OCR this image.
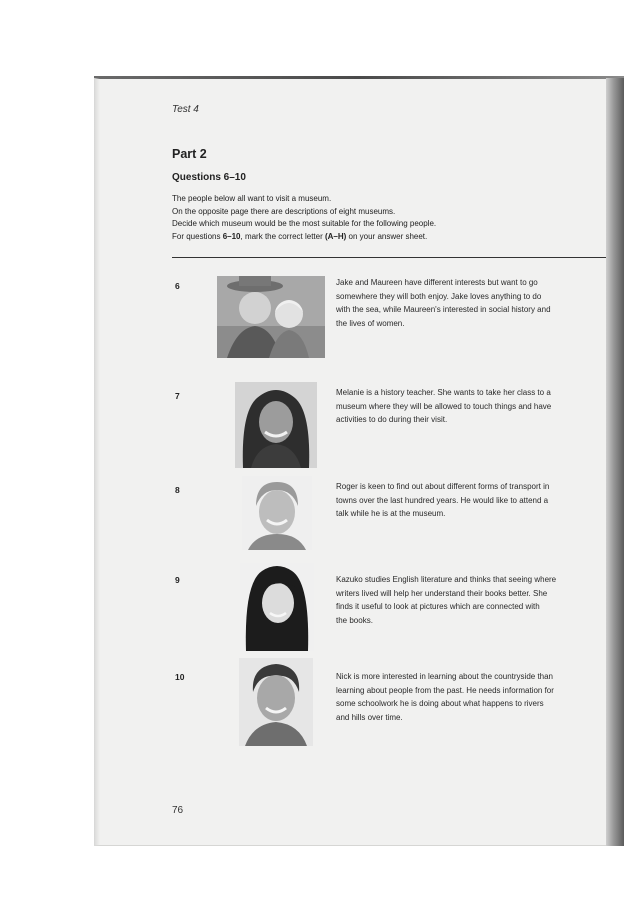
Test 4
Part 2
Questions 6–10
The people below all want to visit a museum.
On the opposite page there are descriptions of eight museums.
Decide which museum would be the most suitable for the following people.
For questions 6–10, mark the correct letter (A–H) on your answer sheet.
6	Jake and Maureen have different interests but want to go
somewhere they will both enjoy. Jake loves anything to do
with the sea, while Maureen's interested in social history and
the lives of women.
7	Melanie is a history teacher. She wants to take her class to a
museum where they will be allowed to touch things and have
activities to do during their visit.
8	Roger is keen to find out about different forms of transport in
towns over the last hundred years. He would like to attend a
talk while he is at the museum.
9	Kazuko studies English literature and thinks that seeing where
writers lived will help her understand their books better. She
finds it useful to look at pictures which are connected with
the books.
10	Nick is more interested in learning about the countryside than
learning about people from the past. He needs information for
some schoolwork he is doing about what happens to rivers
and hills over time.
76
